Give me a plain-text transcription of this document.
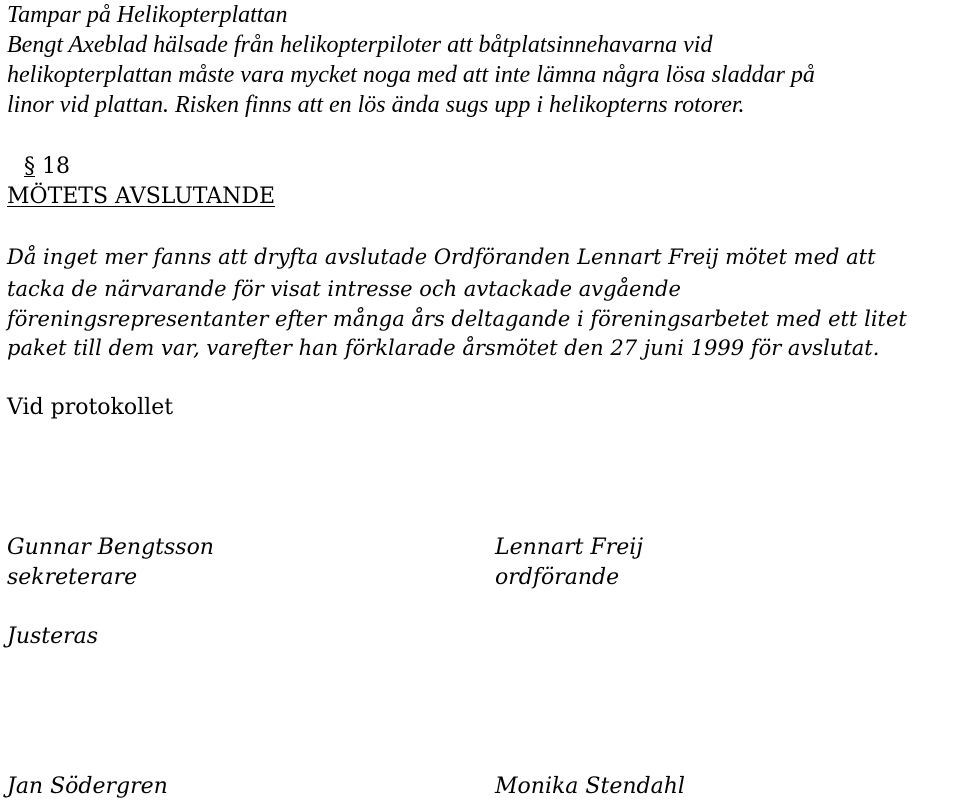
Tampar på Helikopterplattan
Bengt Axeblad hälsade från helikopterpiloter att båtplatsinnehavarna vid
helikopterplattan måste vara mycket noga med att inte lämna några lösa sladdar på
linor vid plattan. Risken finns att en lös ända sugs upp i helikopterns rotorer.
§ 18
MÖTETS AVSLUTANDE
Då inget mer fanns att dryfta avslutade Ordföranden Lennart Freij mötet med att
tacka de närvarande för visat intresse och avtackade avgående
föreningsrepresentanter efter många års deltagande i föreningsarbetet med ett litet
paket till dem var, varefter han förklarade årsmötet den 27 juni 1999 för avslutat.
Vid protokollet
Gunnar Bengtsson
sekreterare
Lennart Freij
ordförande
Justeras
Jan Södergren	Monika Stendahl
